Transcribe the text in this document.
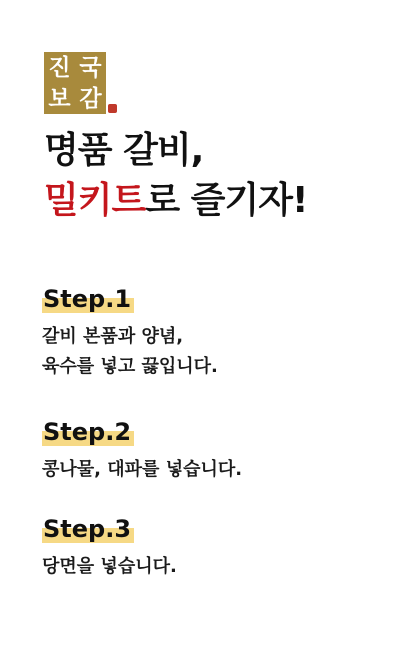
진 국
보 감
명품 갈비,
밀키트로 즐기자!
Step.1
갈비 본품과 양념,
육수를 넣고 끓입니다.
Step.2
콩나물, 대파를 넣습니다.
Step.3
당면을 넣습니다.
